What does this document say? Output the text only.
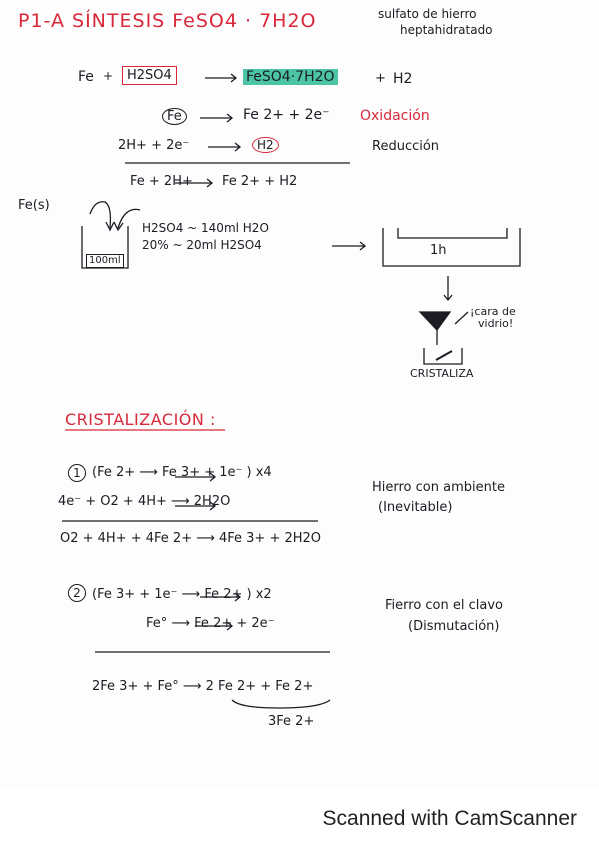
P1-A SÍNTESIS FeSO4 · 7H2O	sulfato de hierro
heptahidratado
Fe +	H2SO4	FeSO4·7H2O	+ H2
Fe	Fe 2+ + 2e⁻ Oxidación
2H+ + 2e⁻	H2	Reducción
Fe + 2H+ Fe 2+ + H2
Fe(s)
100ml
H2SO4 ~ 140ml H2O
20% ~ 20ml H2SO4	1h
¡cara de
vidrio!
CRISTALIZA
CRISTALIZACIÓN :
1 (Fe 2+ ⟶ Fe 3+ + 1e⁻ ) x4
4e⁻ + O2 + 4H+ ⟶ 2H2O
O2 + 4H+ + 4Fe 2+ ⟶ 4Fe 3+ + 2H2O
Hierro con ambiente
(Inevitable)
2 (Fe 3+ + 1e⁻ ⟶ Fe 2+ ) x2
Fe° ⟶ Fe 2+ + 2e⁻
2Fe 3+ + Fe° ⟶ 2 Fe 2+ + Fe 2+
3Fe 2+
Fierro con el clavo
(Dismutación)
Scanned with CamScanner
